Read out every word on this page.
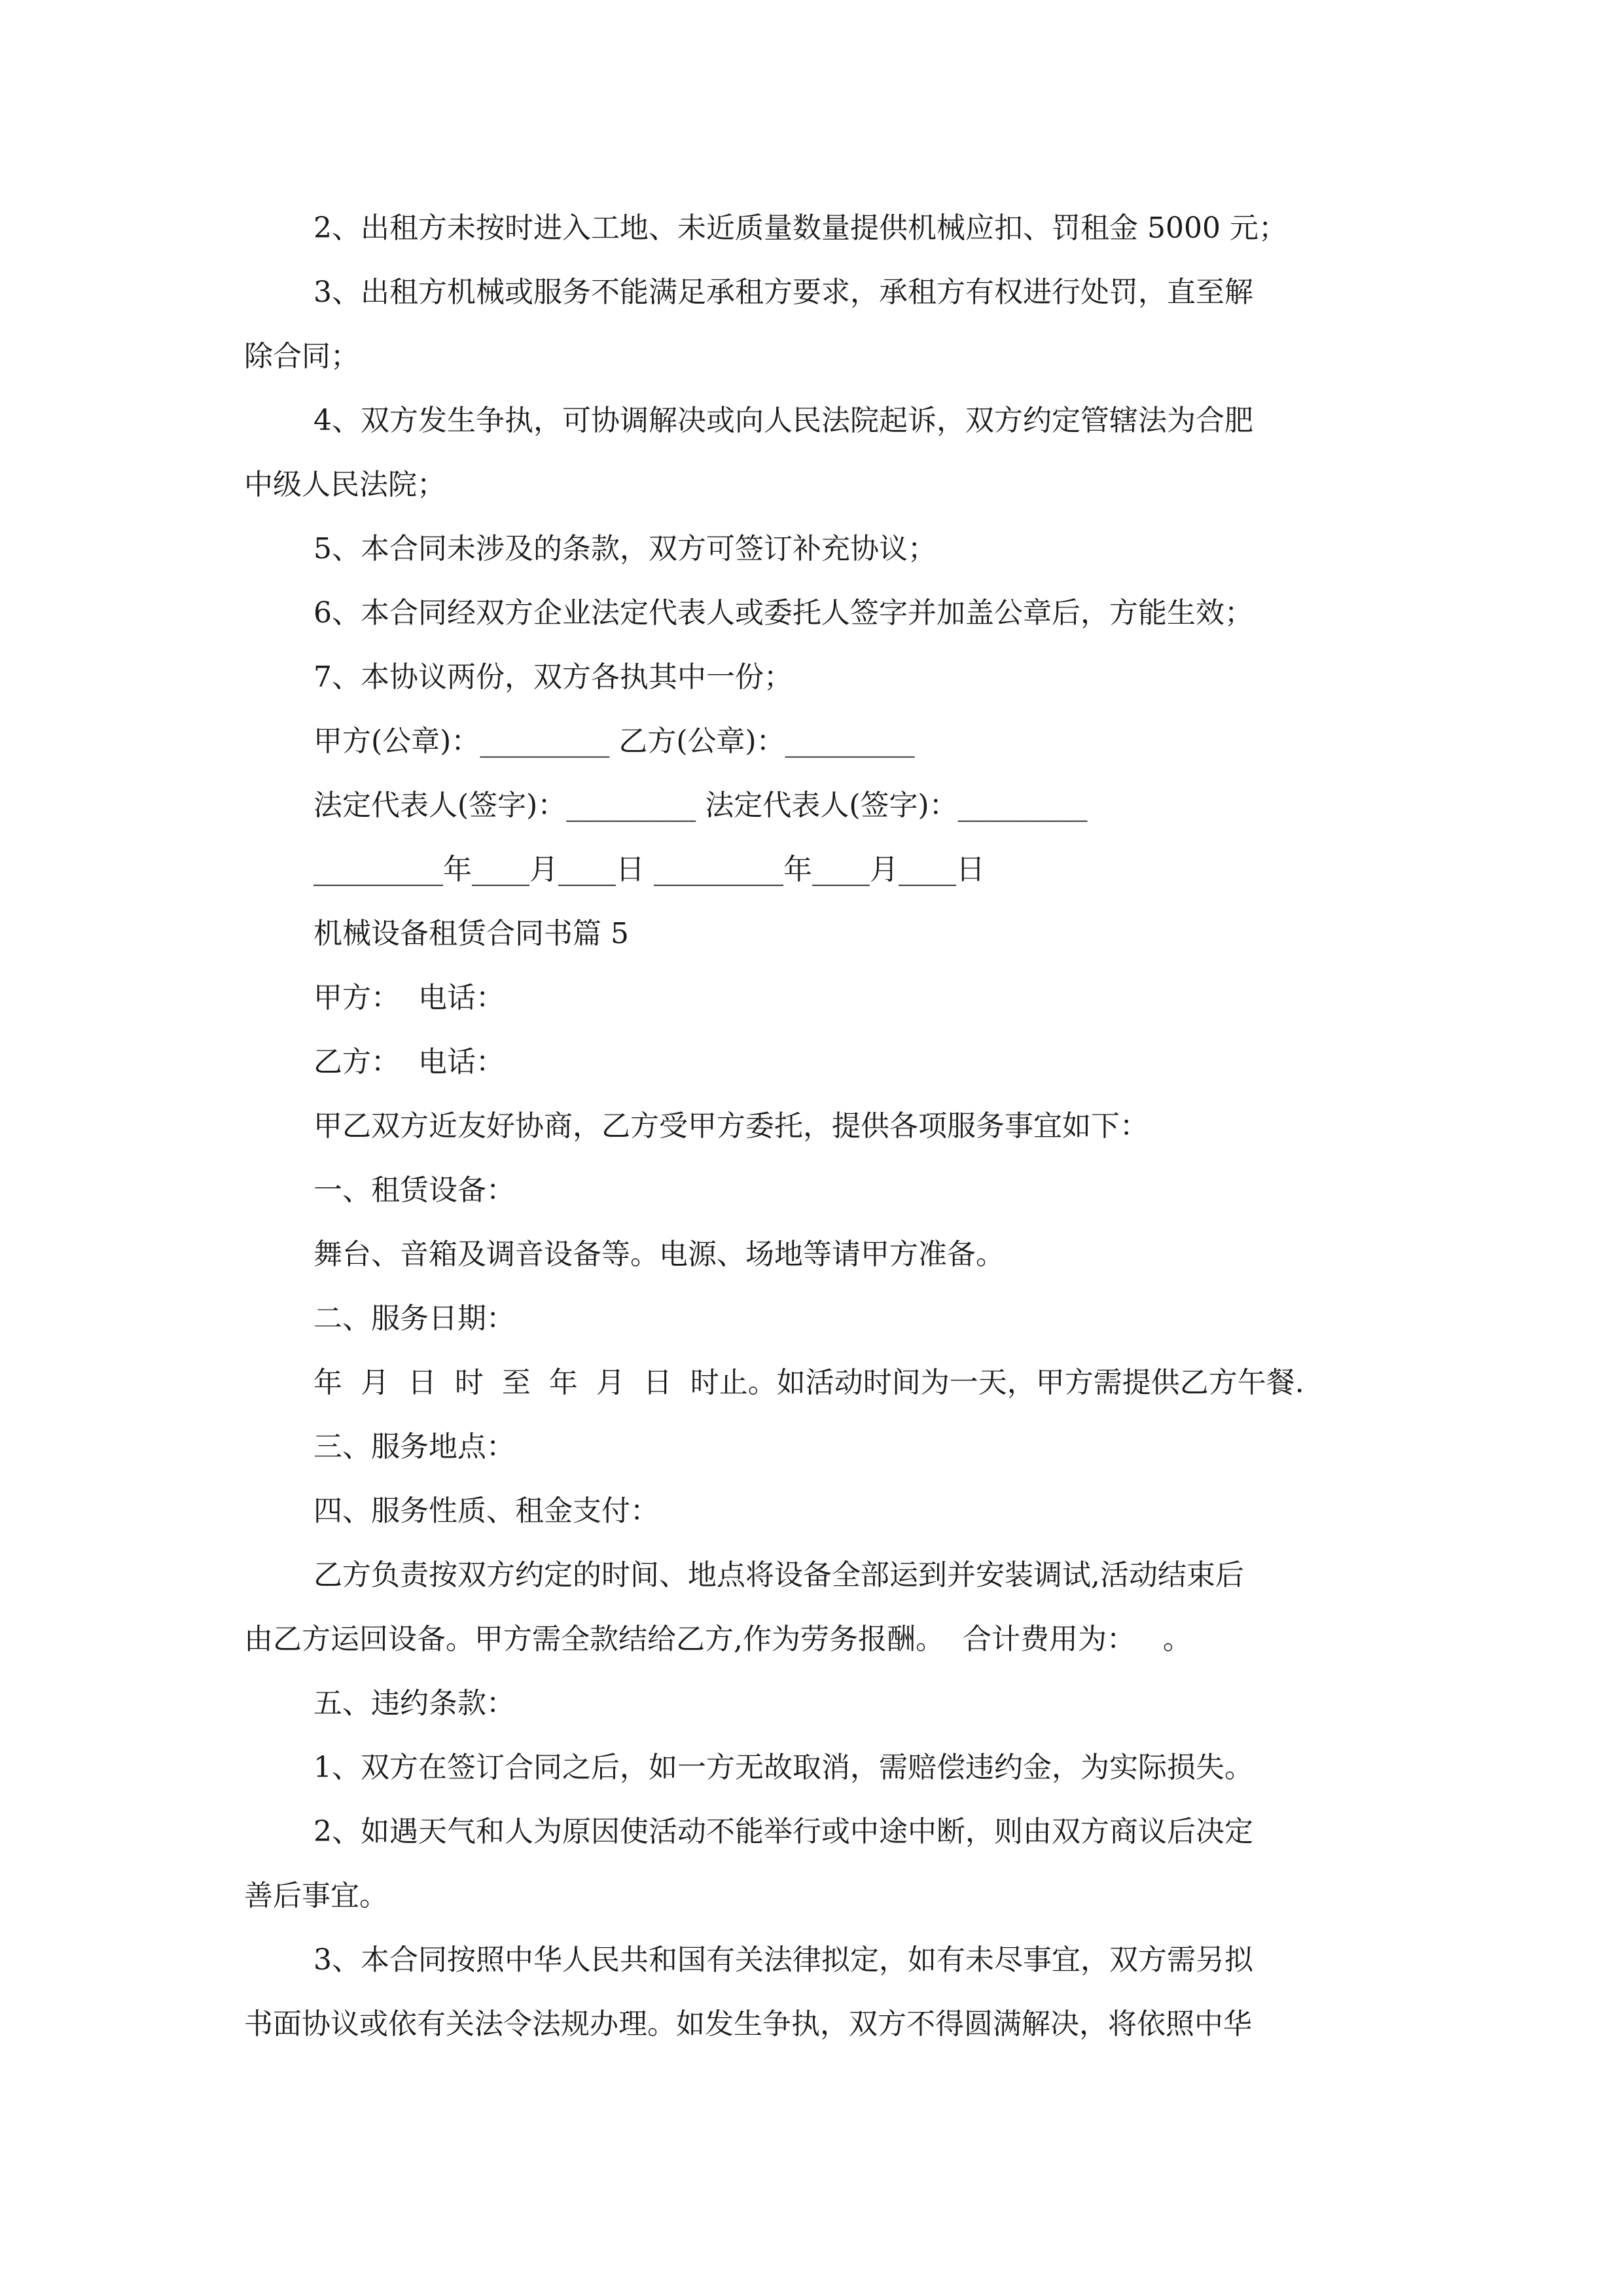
2、出租方未按时进入工地、未近质量数量提供机械应扣、罚租金 5000 元；
3、出租方机械或服务不能满足承租方要求，承租方有权进行处罚，直至解
除合同；
4、双方发生争执，可协调解决或向人民法院起诉，双方约定管辖法为合肥
中级人民法院；
5、本合同未涉及的条款，双方可签订补充协议；
6、本合同经双方企业法定代表人或委托人签字并加盖公章后，方能生效；
7、本协议两份，双方各执其中一份；
甲方(公章)：_________ 乙方(公章)：_________
法定代表人(签字)：_________ 法定代表人(签字)：_________
_________年____月____日 _________年____月____日
机械设备租赁合同书篇 5
甲方：  电话：
乙方：  电话：
甲乙双方近友好协商，乙方受甲方委托，提供各项服务事宜如下：
一、租赁设备：
舞台、音箱及调音设备等。电源、场地等请甲方准备。
二、服务日期：
年  月  日  时  至  年  月  日  时止。如活动时间为一天，甲方需提供乙方午餐.
三、服务地点：
四、服务性质、租金支付：
乙方负责按双方约定的时间、地点将设备全部运到并安装调试,活动结束后
由乙方运回设备。甲方需全款结给乙方,作为劳务报酬。  合计费用为：   。
五、违约条款：
1、双方在签订合同之后，如一方无故取消，需赔偿违约金，为实际损失。
2、如遇天气和人为原因使活动不能举行或中途中断，则由双方商议后决定
善后事宜。
3、本合同按照中华人民共和国有关法律拟定，如有未尽事宜，双方需另拟
书面协议或依有关法令法规办理。如发生争执，双方不得圆满解决，将依照中华
